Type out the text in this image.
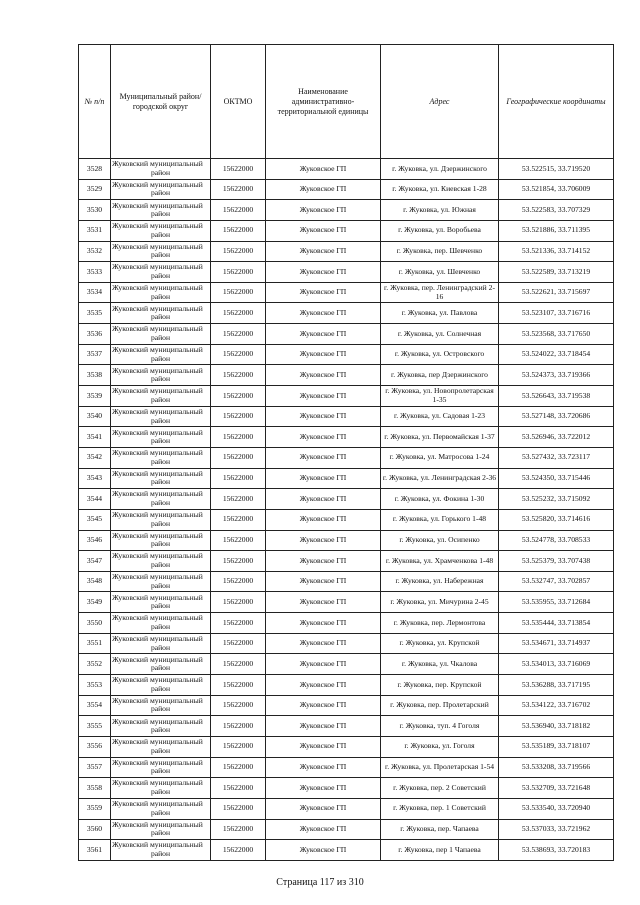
№ п/п	Муниципальный район/городской округ	ОКТМО	Наименование административно-территориальной единицы	Адрес	Географические координаты
3528	Жуковский муниципальный
район	15622000	Жуковское ГП	г. Жуковка, ул. Дзержинского	53.522515, 33.719520
3529	Жуковский муниципальный
район	15622000	Жуковское ГП	г. Жуковка, ул. Киевская 1-28	53.521854, 33.706009
3530	Жуковский муниципальный
район	15622000	Жуковское ГП	г. Жуковка, ул. Южная	53.522583, 33.707329
3531	Жуковский муниципальный
район	15622000	Жуковское ГП	г. Жуковка, ул. Воробьева	53.521886, 33.711395
3532	Жуковский муниципальный
район	15622000	Жуковское ГП	г. Жуковка, пер. Шевченко	53.521336, 33.714152
3533	Жуковский муниципальный
район	15622000	Жуковское ГП	г. Жуковка, ул. Шевченко	53.522589, 33.713219
3534	Жуковский муниципальный
район	15622000	Жуковское ГП	г. Жуковка, пер. Ленинградский 2-16	53.522621, 33.715697
3535	Жуковский муниципальный
район	15622000	Жуковское ГП	г. Жуковка, ул. Павлова	53.523107, 33.716716
3536	Жуковский муниципальный
район	15622000	Жуковское ГП	г. Жуковка, ул. Солнечная	53.523568, 33.717650
3537	Жуковский муниципальный
район	15622000	Жуковское ГП	г. Жуковка, ул. Островского	53.524022, 33.718454
3538	Жуковский муниципальный
район	15622000	Жуковское ГП	г. Жуковка, пер Дзержинского	53.524373, 33.719366
3539	Жуковский муниципальный
район	15622000	Жуковское ГП	г. Жуковка, ул. Новопролетарская 1-35	53.526643, 33.719538
3540	Жуковский муниципальный
район	15622000	Жуковское ГП	г. Жуковка, ул. Садовая 1-23	53.527148, 33.720686
3541	Жуковский муниципальный
район	15622000	Жуковское ГП	г. Жуковка, ул. Первомайская 1-37	53.526946, 33.722012
3542	Жуковский муниципальный
район	15622000	Жуковское ГП	г. Жуковка, ул. Матросова 1-24	53.527432, 33.723117
3543	Жуковский муниципальный
район	15622000	Жуковское ГП	г. Жуковка, ул. Ленинградская 2-36	53.524350, 33.715446
3544	Жуковский муниципальный
район	15622000	Жуковское ГП	г. Жуковка, ул. Фокина 1-30	53.525232, 33.715092
3545	Жуковский муниципальный
район	15622000	Жуковское ГП	г. Жуковка, ул. Горького 1-48	53.525820, 33.714616
3546	Жуковский муниципальный
район	15622000	Жуковское ГП	г. Жуковка, ул. Осипенко	53.524778, 33.708533
3547	Жуковский муниципальный
район	15622000	Жуковское ГП	г. Жуковка, ул. Храмченкова 1-48	53.525379, 33.707438
3548	Жуковский муниципальный
район	15622000	Жуковское ГП	г. Жуковка, ул. Набережная	53.532747, 33.702857
3549	Жуковский муниципальный
район	15622000	Жуковское ГП	г. Жуковка, ул. Мичурина 2-45	53.535955, 33.712684
3550	Жуковский муниципальный
район	15622000	Жуковское ГП	г. Жуковка, пер. Лермонтова	53.535444, 33.713854
3551	Жуковский муниципальный
район	15622000	Жуковское ГП	г. Жуковка, ул. Крупской	53.534671, 33.714937
3552	Жуковский муниципальный
район	15622000	Жуковское ГП	г. Жуковка, ул. Чкалова	53.534013, 33.716069
3553	Жуковский муниципальный
район	15622000	Жуковское ГП	г. Жуковка, пер. Крупской	53.536288, 33.717195
3554	Жуковский муниципальный
район	15622000	Жуковское ГП	г. Жуковка, пер. Пролетарский	53.534122, 33.716702
3555	Жуковский муниципальный
район	15622000	Жуковское ГП	г. Жуковка, туп. 4 Гоголя	53.536940, 33.718182
3556	Жуковский муниципальный
район	15622000	Жуковское ГП	г. Жуковка, ул. Гоголя	53.535189, 33.718107
3557	Жуковский муниципальный
район	15622000	Жуковское ГП	г. Жуковка, ул. Пролетарская 1-54	53.533208, 33.719566
3558	Жуковский муниципальный
район	15622000	Жуковское ГП	г. Жуковка, пер. 2 Советский	53.532709, 33.721648
3559	Жуковский муниципальный
район	15622000	Жуковское ГП	г. Жуковка, пер. 1 Советский	53.533540, 33.720940
3560	Жуковский муниципальный
район	15622000	Жуковское ГП	г. Жуковка, пер. Чапаева	53.537033, 33.721962
3561	Жуковский муниципальный
район	15622000	Жуковское ГП	г. Жуковка, пер 1 Чапаева	53.538693, 33.720183
Страница 117 из 310
